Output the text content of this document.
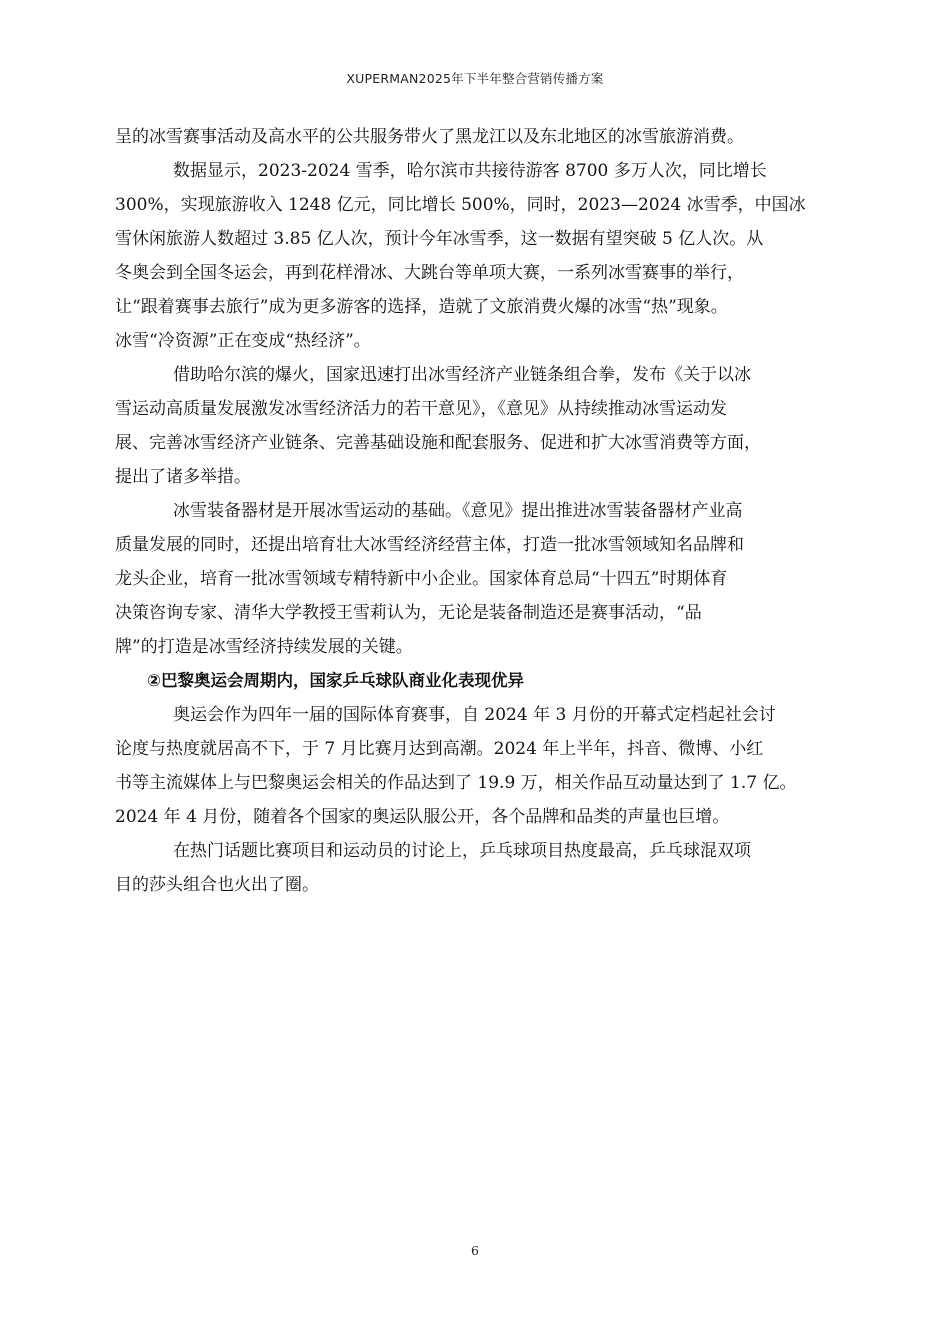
XUPERMAN2025年下半年整合营销传播方案
呈的冰雪赛事活动及高水平的公共服务带火了黑龙江以及东北地区的冰雪旅游消费。
数据显示，2023-2024 雪季，哈尔滨市共接待游客 8700 多万人次，同比增长
300%，实现旅游收入 1248 亿元，同比增长 500%，同时，2023—2024 冰雪季，中国冰
雪休闲旅游人数超过 3.85 亿人次，预计今年冰雪季，这一数据有望突破 5 亿人次。从
冬奥会到全国冬运会，再到花样滑冰、大跳台等单项大赛，一系列冰雪赛事的举行，
让“跟着赛事去旅行”成为更多游客的选择，造就了文旅消费火爆的冰雪“热”现象。
冰雪“冷资源”正在变成“热经济”。
借助哈尔滨的爆火，国家迅速打出冰雪经济产业链条组合拳，发布《关于以冰
雪运动高质量发展激发冰雪经济活力的若干意见》，《意见》从持续推动冰雪运动发
展、完善冰雪经济产业链条、完善基础设施和配套服务、促进和扩大冰雪消费等方面，
提出了诸多举措。
冰雪装备器材是开展冰雪运动的基础。《意见》提出推进冰雪装备器材产业高
质量发展的同时，还提出培育壮大冰雪经济经营主体，打造一批冰雪领域知名品牌和
龙头企业，培育一批冰雪领域专精特新中小企业。国家体育总局“十四五”时期体育
决策咨询专家、清华大学教授王雪莉认为，无论是装备制造还是赛事活动，“品
牌”的打造是冰雪经济持续发展的关键。
②巴黎奥运会周期内，国家乒乓球队商业化表现优异
奥运会作为四年一届的国际体育赛事，自 2024 年 3 月份的开幕式定档起社会讨
论度与热度就居高不下，于 7 月比赛月达到高潮。2024 年上半年，抖音、微博、小红
书等主流媒体上与巴黎奥运会相关的作品达到了 19.9 万，相关作品互动量达到了 1.7 亿。
2024 年 4 月份，随着各个国家的奥运队服公开，各个品牌和品类的声量也巨增。
在热门话题比赛项目和运动员的讨论上，乒乓球项目热度最高，乒乓球混双项
目的莎头组合也火出了圈。
6
